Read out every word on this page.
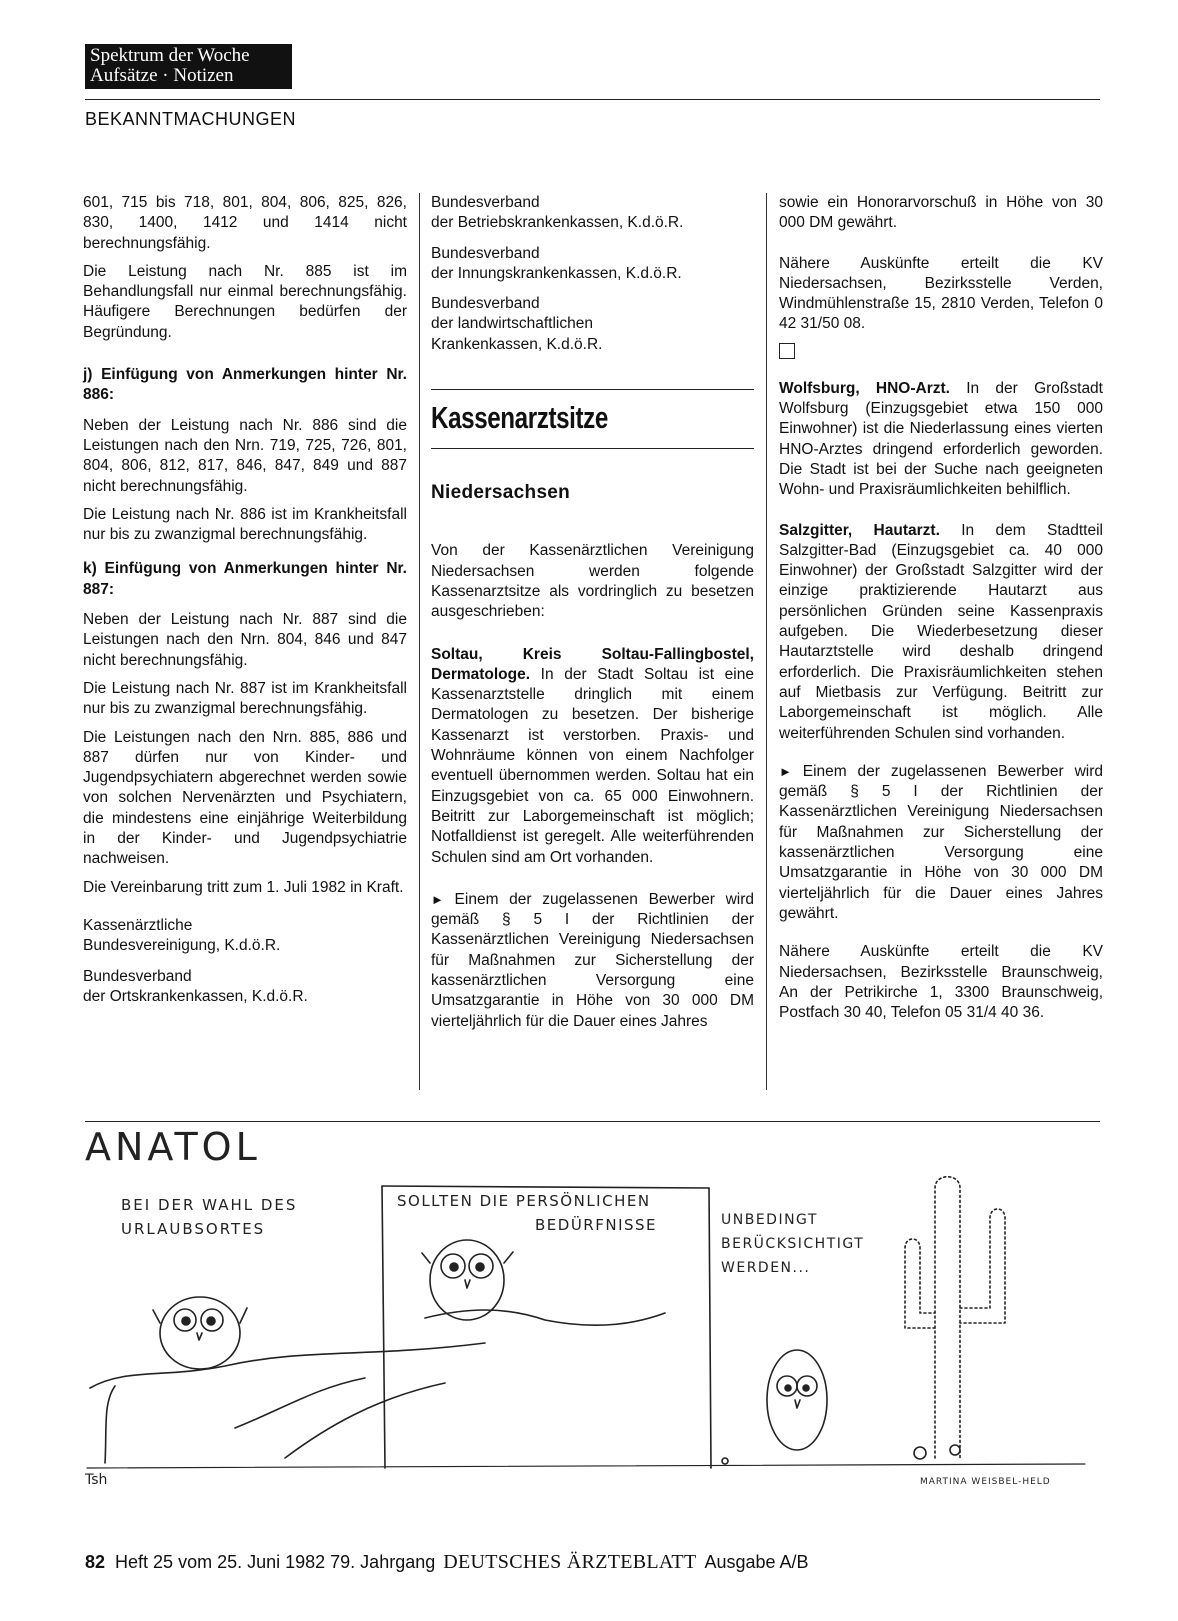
Spektrum der Woche
Aufsätze · Notizen
BEKANNTMACHUNGEN

601, 715 bis 718, 801, 804, 806, 825, 826, 830, 1400, 1412 und 1414 nicht berechnungsfähig.

Die Leistung nach Nr. 885 ist im Behandlungsfall nur einmal berechnungsfähig. Häufigere Berechnungen bedürfen der Begründung.

j) Einfügung von Anmerkungen hinter Nr. 886:

Neben der Leistung nach Nr. 886 sind die Leistungen nach den Nrn. 719, 725, 726, 801, 804, 806, 812, 817, 846, 847, 849 und 887 nicht berechnungsfähig.

Die Leistung nach Nr. 886 ist im Krankheitsfall nur bis zu zwanzigmal berechnungsfähig.

k) Einfügung von Anmerkungen hinter Nr. 887:

Neben der Leistung nach Nr. 887 sind die Leistungen nach den Nrn. 804, 846 und 847 nicht berechnungsfähig.

Die Leistung nach Nr. 887 ist im Krankheitsfall nur bis zu zwanzigmal berechnungsfähig.

Die Leistungen nach den Nrn. 885, 886 und 887 dürfen nur von Kinder- und Jugendpsychiatern abgerechnet werden sowie von solchen Nervenärzten und Psychiatern, die mindestens eine einjährige Weiterbildung in der Kinder- und Jugendpsychiatrie nachweisen.

Die Vereinbarung tritt zum 1. Juli 1982 in Kraft.

Kassenärztliche
Bundesvereinigung, K.d.ö.R.

Bundesverband
der Ortskrankenkassen, K.d.ö.R.

Bundesverband
der Betriebskrankenkassen, K.d.ö.R.

Bundesverband
der Innungskrankenkassen, K.d.ö.R.

Bundesverband
der landwirtschaftlichen
Krankenkassen, K.d.ö.R.

Kassenarztsitze
Niedersachsen

Von der Kassenärztlichen Vereinigung Niedersachsen werden folgende Kassenarztsitze als vordringlich zu besetzen ausgeschrieben:

Soltau, Kreis Soltau-Fallingbostel, Dermatologe. In der Stadt Soltau ist eine Kassenarztstelle dringlich mit einem Dermatologen zu besetzen. Der bisherige Kassenarzt ist verstorben. Praxis- und Wohnräume können von einem Nachfolger eventuell übernommen werden. Soltau hat ein Einzugsgebiet von ca. 65 000 Einwohnern. Beitritt zur Laborgemeinschaft ist möglich; Notfalldienst ist geregelt. Alle weiterführenden Schulen sind am Ort vorhanden.

► Einem der zugelassenen Bewerber wird gemäß § 5 I der Richtlinien der Kassenärztlichen Vereinigung Niedersachsen für Maßnahmen zur Sicherstellung der kassenärztlichen Versorgung eine Umsatzgarantie in Höhe von 30 000 DM vierteljährlich für die Dauer eines Jahres

sowie ein Honorarvorschuß in Höhe von 30 000 DM gewährt.

Nähere Auskünfte erteilt die KV Niedersachsen, Bezirksstelle Verden, Windmühlenstraße 15, 2810 Verden, Telefon 0 42 31/50 08.

Wolfsburg, HNO-Arzt. In der Großstadt Wolfsburg (Einzugsgebiet etwa 150 000 Einwohner) ist die Niederlassung eines vierten HNO-Arztes dringend erforderlich geworden. Die Stadt ist bei der Suche nach geeigneten Wohn- und Praxisräumlichkeiten behilflich.

Salzgitter, Hautarzt. In dem Stadtteil Salzgitter-Bad (Einzugsgebiet ca. 40 000 Einwohner) der Großstadt Salzgitter wird der einzige praktizierende Hautarzt aus persönlichen Gründen seine Kassenpraxis aufgeben. Die Wiederbesetzung dieser Hautarztstelle wird deshalb dringend erforderlich. Die Praxisräumlichkeiten stehen auf Mietbasis zur Verfügung. Beitritt zur Laborgemeinschaft ist möglich. Alle weiterführenden Schulen sind vorhanden.

► Einem der zugelassenen Bewerber wird gemäß § 5 I der Richtlinien der Kassenärztlichen Vereinigung Niedersachsen für Maßnahmen zur Sicherstellung der kassenärztlichen Versorgung eine Umsatzgarantie in Höhe von 30 000 DM vierteljährlich für die Dauer eines Jahres gewährt.

Nähere Auskünfte erteilt die KV Niedersachsen, Bezirksstelle Braunschweig, An der Petrikirche 1, 3300 Braunschweig, Postfach 30 40, Telefon 05 31/4 40 36.

ANATOL
BEI DER WAHL DES
URLAUBSORTES
SOLLTEN DIE PERSÖNLICHEN
BEDÜRFNISSE	UNBEDINGT
BERÜCKSICHTIGT
WERDEN...
MARTINA WEISBEL-HELD
Tsh
82 Heft 25 vom 25. Juni 1982 79. Jahrgang DEUTSCHES ÄRZTEBLATT Ausgabe A/B
